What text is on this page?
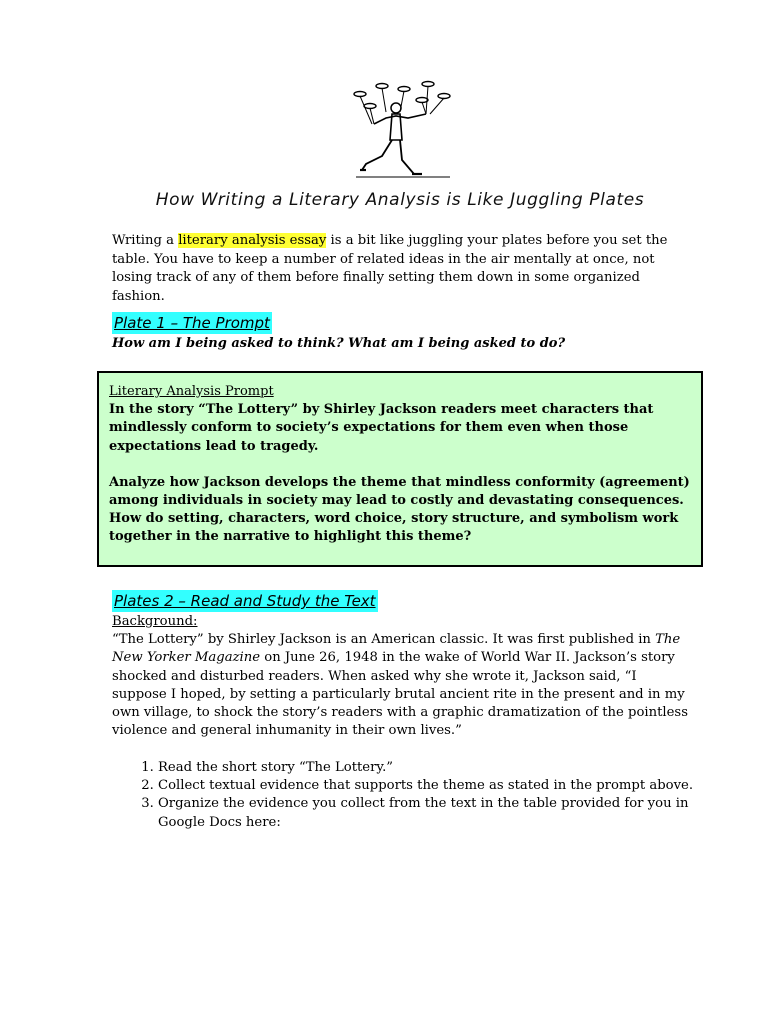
How Writing a Literary Analysis is Like Juggling Plates
Writing a literary analysis essay is a bit like juggling your plates before you set the table. You have to keep a number of related ideas in the air mentally at once, not losing track of any of them before finally setting them down in some organized fashion.
Plate 1 – The Prompt
How am I being asked to think? What am I being asked to do?
Literary Analysis Prompt

In the story “The Lottery” by Shirley Jackson readers meet characters that mindlessly conform to society’s expectations for them even when those expectations lead to tragedy.

Analyze how Jackson develops the theme that mindless conformity (agreement) among individuals in society may lead to costly and devastating consequences. How do setting, characters, word choice, story structure, and symbolism work together in the narrative to highlight this theme?

Plates 2 – Read and Study the Text
Background:

“The Lottery” by Shirley Jackson is an American classic. It was first published in The New Yorker Magazine on June 26, 1948 in the wake of World War II. Jackson’s story shocked and disturbed readers. When asked why she wrote it, Jackson said, “I suppose I hoped, by setting a particularly brutal ancient rite in the present and in my own village, to shock the story’s readers with a graphic dramatization of the pointless violence and general inhumanity in their own lives.”

1. Read the short story “The Lottery.”
2. Collect textual evidence that supports the theme as stated in the prompt above.
3. Organize the evidence you collect from the text in the table provided for you in Google Docs here:
